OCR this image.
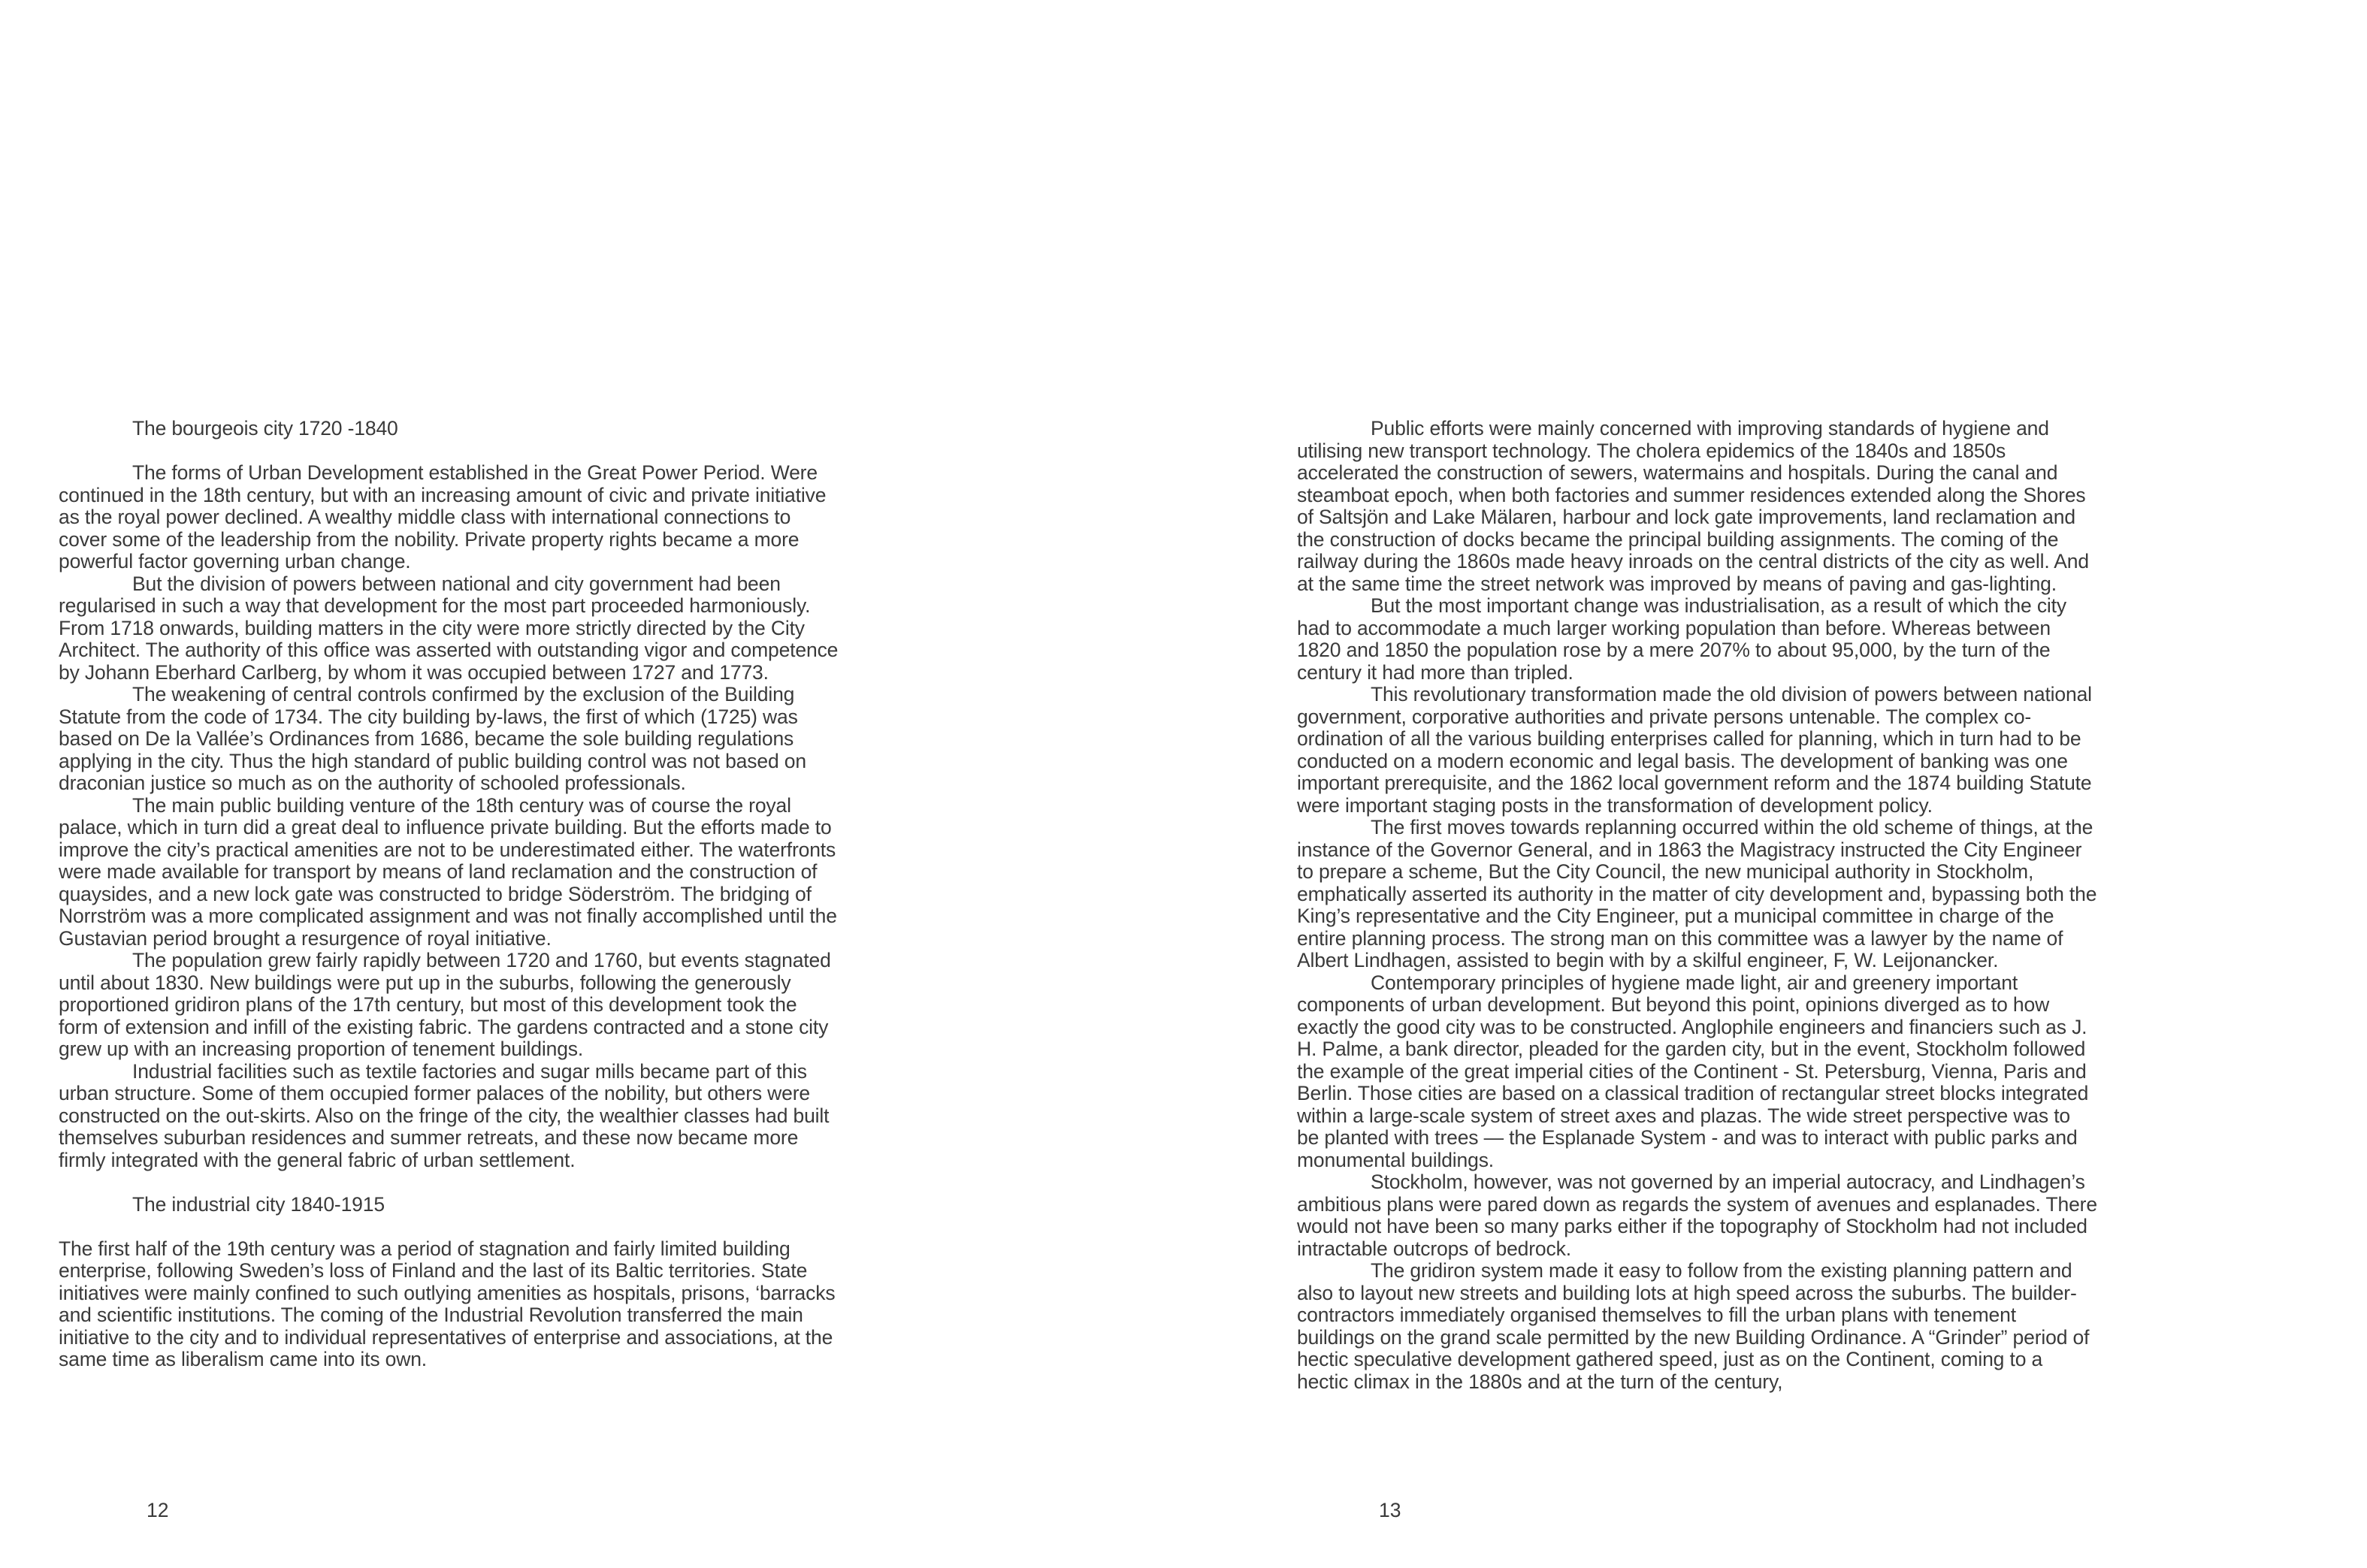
The bourgeois city 1720 -1840

The forms of Urban Development established in the Great Power Period. Were continued in the 18th century, but with an increasing amount of civic and private initiative as the royal power declined. A wealthy middle class with international connections to cover some of the leadership from the nobility. Private property rights became a more powerful factor governing urban change.

But the division of powers between national and city government had been regularised in such a way that development for the most part proceeded harmoniously. From 1718 onwards, building matters in the city were more strictly directed by the City Architect. The authority of this office was asserted with outstanding vigor and competence by Johann Eberhard Carlberg, by whom it was occupied between 1727 and 1773.

The weakening of central controls confirmed by the exclusion of the Building Statute from the code of 1734. The city building by-laws, the first of which (1725) was based on De la Vallée’s Ordinances from 1686, became the sole building regulations applying in the city. Thus the high standard of public building control was not based on draconian justice so much as on the authority of schooled professionals.

The main public building venture of the 18th century was of course the royal palace, which in turn did a great deal to influence private building. But the efforts made to improve the city’s practical amenities are not to be underestimated either. The waterfronts were made available for transport by means of land reclamation and the construction of quaysides, and a new lock gate was constructed to bridge Söderström. The bridging of Norrström was a more complicated assignment and was not finally accomplished until the Gustavian period brought a resurgence of royal initiative.

The population grew fairly rapidly between 1720 and 1760, but events stagnated until about 1830. New buildings were put up in the suburbs, following the generously proportioned gridiron plans of the 17th century, but most of this development took the form of extension and infill of the existing fabric. The gardens contracted and a stone city grew up with an increasing proportion of tenement buildings.

Industrial facilities such as textile factories and sugar mills became part of this urban structure. Some of them occupied former palaces of the nobility, but others were constructed on the out-skirts. Also on the fringe of the city, the wealthier classes had built themselves suburban residences and summer retreats, and these now became more firmly integrated with the general fabric of urban settlement.

The industrial city 1840-1915

The first half of the 19th century was a period of stagnation and fairly limited building enterprise, following Sweden’s loss of Finland and the last of its Baltic territories. State initiatives were mainly confined to such outlying amenities as hospitals, prisons, ‘barracks and scientific institutions. The coming of the Industrial Revolution transferred the main initiative to the city and to individual representatives of enterprise and associations, at the same time as liberalism came into its own.

12

Public efforts were mainly concerned with improving standards of hygiene and utilising new transport technology. The cholera epidemics of the 1840s and 1850s accelerated the construction of sewers, watermains and hospitals. During the canal and steamboat epoch, when both factories and summer residences extended along the Shores of Saltsjön and Lake Mälaren, harbour and lock gate improvements, land reclamation and the construction of docks became the principal building assignments. The coming of the railway during the 1860s made heavy inroads on the central districts of the city as well. And at the same time the street network was improved by means of paving and gas-lighting.

But the most important change was industrialisation, as a result of which the city had to accommodate a much larger working population than before. Whereas between 1820 and 1850 the population rose by a mere 207% to about 95,000, by the turn of the century it had more than tripled.

This revolutionary transformation made the old division of powers between national government, corporative authorities and private persons untenable. The complex co-ordination of all the various building enterprises called for planning, which in turn had to be conducted on a modern economic and legal basis. The development of banking was one important prerequisite, and the 1862 local government reform and the 1874 building Statute were important staging posts in the transformation of development policy.

The first moves towards replanning occurred within the old scheme of things, at the instance of the Governor General, and in 1863 the Magistracy instructed the City Engineer to prepare a scheme, But the City Council, the new municipal authority in Stockholm, emphatically asserted its authority in the matter of city development and, bypassing both the King’s representative and the City Engineer, put a municipal committee in charge of the entire planning process. The strong man on this committee was a lawyer by the name of Albert Lindhagen, assisted to begin with by a skilful engineer, F, W. Leijonancker.

Contemporary principles of hygiene made light, air and greenery important components of urban development. But beyond this point, opinions diverged as to how exactly the good city was to be constructed. Anglophile engineers and financiers such as J. H. Palme, a bank director, pleaded for the garden city, but in the event, Stockholm followed the example of the great imperial cities of the Continent - St. Petersburg, Vienna, Paris and Berlin. Those cities are based on a classical tradition of rectangular street blocks integrated within a large-scale system of street axes and plazas. The wide street perspective was to be planted with trees — the Esplanade System - and was to interact with public parks and monumental buildings.

Stockholm, however, was not governed by an imperial autocracy, and Lindhagen’s ambitious plans were pared down as regards the system of avenues and esplanades. There would not have been so many parks either if the topography of Stockholm had not included intractable outcrops of bedrock.

The gridiron system made it easy to follow from the existing planning pattern and also to layout new streets and building lots at high speed across the suburbs. The builder-contractors immediately organised themselves to fill the urban plans with tenement buildings on the grand scale permitted by the new Building Ordinance. A “Grinder” period of hectic speculative development gathered speed, just as on the Continent, coming to a hectic climax in the 1880s and at the turn of the century,

13
